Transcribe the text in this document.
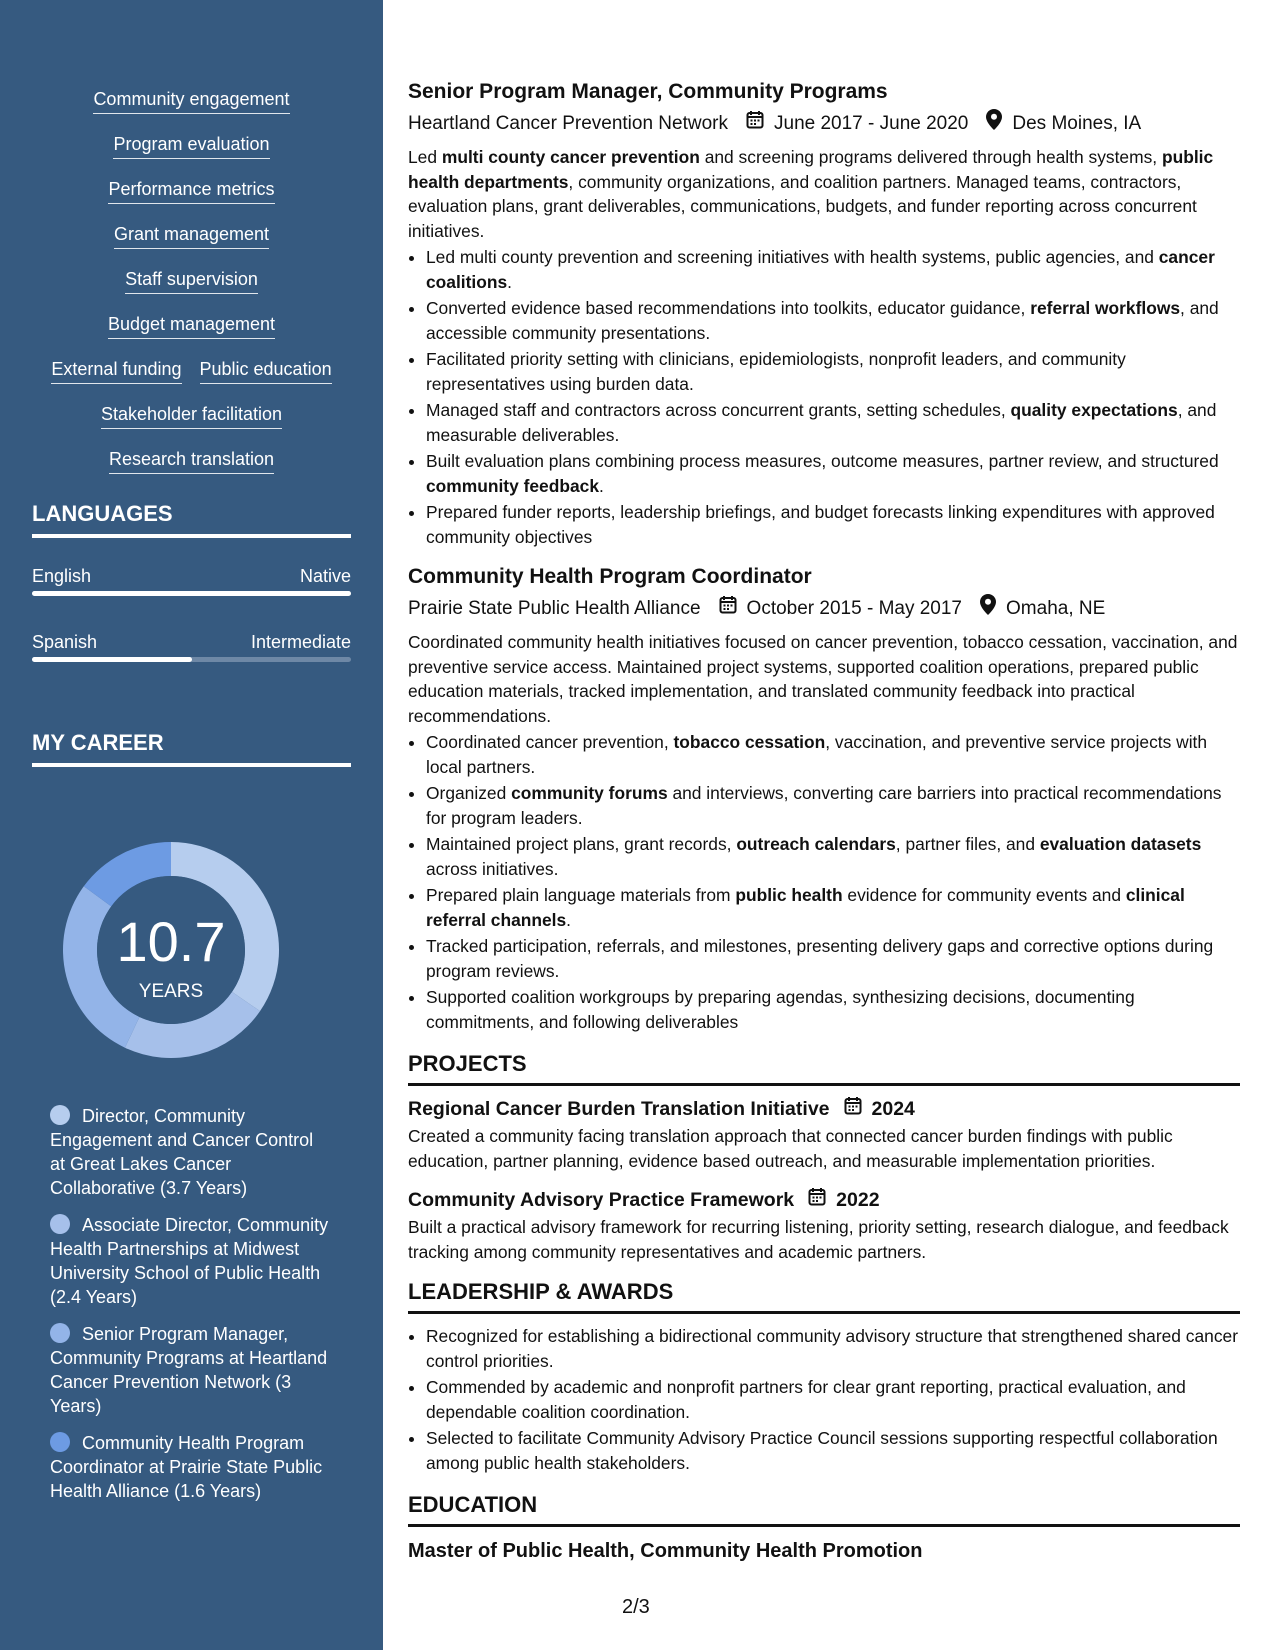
Community engagement
Program evaluation
Performance metrics
Grant management
Staff supervision
Budget management
External funding Public education
Stakeholder facilitation
Research translation
LANGUAGES
English	Native
Spanish	Intermediate
MY CAREER
10.7
YEARS
Director, Community Engagement and Cancer Control at Great Lakes Cancer Collaborative (3.7 Years)
Associate Director, Community Health Partnerships at Midwest University School of Public Health (2.4 Years)
Senior Program Manager, Community Programs at Heartland Cancer Prevention Network (3 Years)
Community Health Program Coordinator at Prairie State Public Health Alliance (1.6 Years)
Senior Program Manager, Community Programs
Heartland Cancer Prevention Network June 2017 - June 2020 Des Moines, IA

Led multi county cancer prevention and screening programs delivered through health systems, public health departments, community organizations, and coalition partners. Managed teams, contractors, evaluation plans, grant deliverables, communications, budgets, and funder reporting across concurrent initiatives.

• Led multi county prevention and screening initiatives with health systems, public agencies, and cancer coalitions.
• Converted evidence based recommendations into toolkits, educator guidance, referral workflows, and accessible community presentations.
• Facilitated priority setting with clinicians, epidemiologists, nonprofit leaders, and community representatives using burden data.
• Managed staff and contractors across concurrent grants, setting schedules, quality expectations, and measurable deliverables.
• Built evaluation plans combining process measures, outcome measures, partner review, and structured community feedback.
• Prepared funder reports, leadership briefings, and budget forecasts linking expenditures with approved community objectives
Community Health Program Coordinator
Prairie State Public Health Alliance October 2015 - May 2017 Omaha, NE

Coordinated community health initiatives focused on cancer prevention, tobacco cessation, vaccination, and preventive service access. Maintained project systems, supported coalition operations, prepared public education materials, tracked implementation, and translated community feedback into practical recommendations.

• Coordinated cancer prevention, tobacco cessation, vaccination, and preventive service projects with local partners.
• Organized community forums and interviews, converting care barriers into practical recommendations for program leaders.
• Maintained project plans, grant records, outreach calendars, partner files, and evaluation datasets across initiatives.
• Prepared plain language materials from public health evidence for community events and clinical referral channels.
• Tracked participation, referrals, and milestones, presenting delivery gaps and corrective options during program reviews.
• Supported coalition workgroups by preparing agendas, synthesizing decisions, documenting commitments, and following deliverables
PROJECTS
Regional Cancer Burden Translation Initiative 2024

Created a community facing translation approach that connected cancer burden findings with public education, partner planning, evidence based outreach, and measurable implementation priorities.

Community Advisory Practice Framework 2022

Built a practical advisory framework for recurring listening, priority setting, research dialogue, and feedback tracking among community representatives and academic partners.

LEADERSHIP & AWARDS
• Recognized for establishing a bidirectional community advisory structure that strengthened shared cancer control priorities.
• Commended by academic and nonprofit partners for clear grant reporting, practical evaluation, and dependable coalition coordination.
• Selected to facilitate Community Advisory Practice Council sessions supporting respectful collaboration among public health stakeholders.
EDUCATION
Master of Public Health, Community Health Promotion
2/3
